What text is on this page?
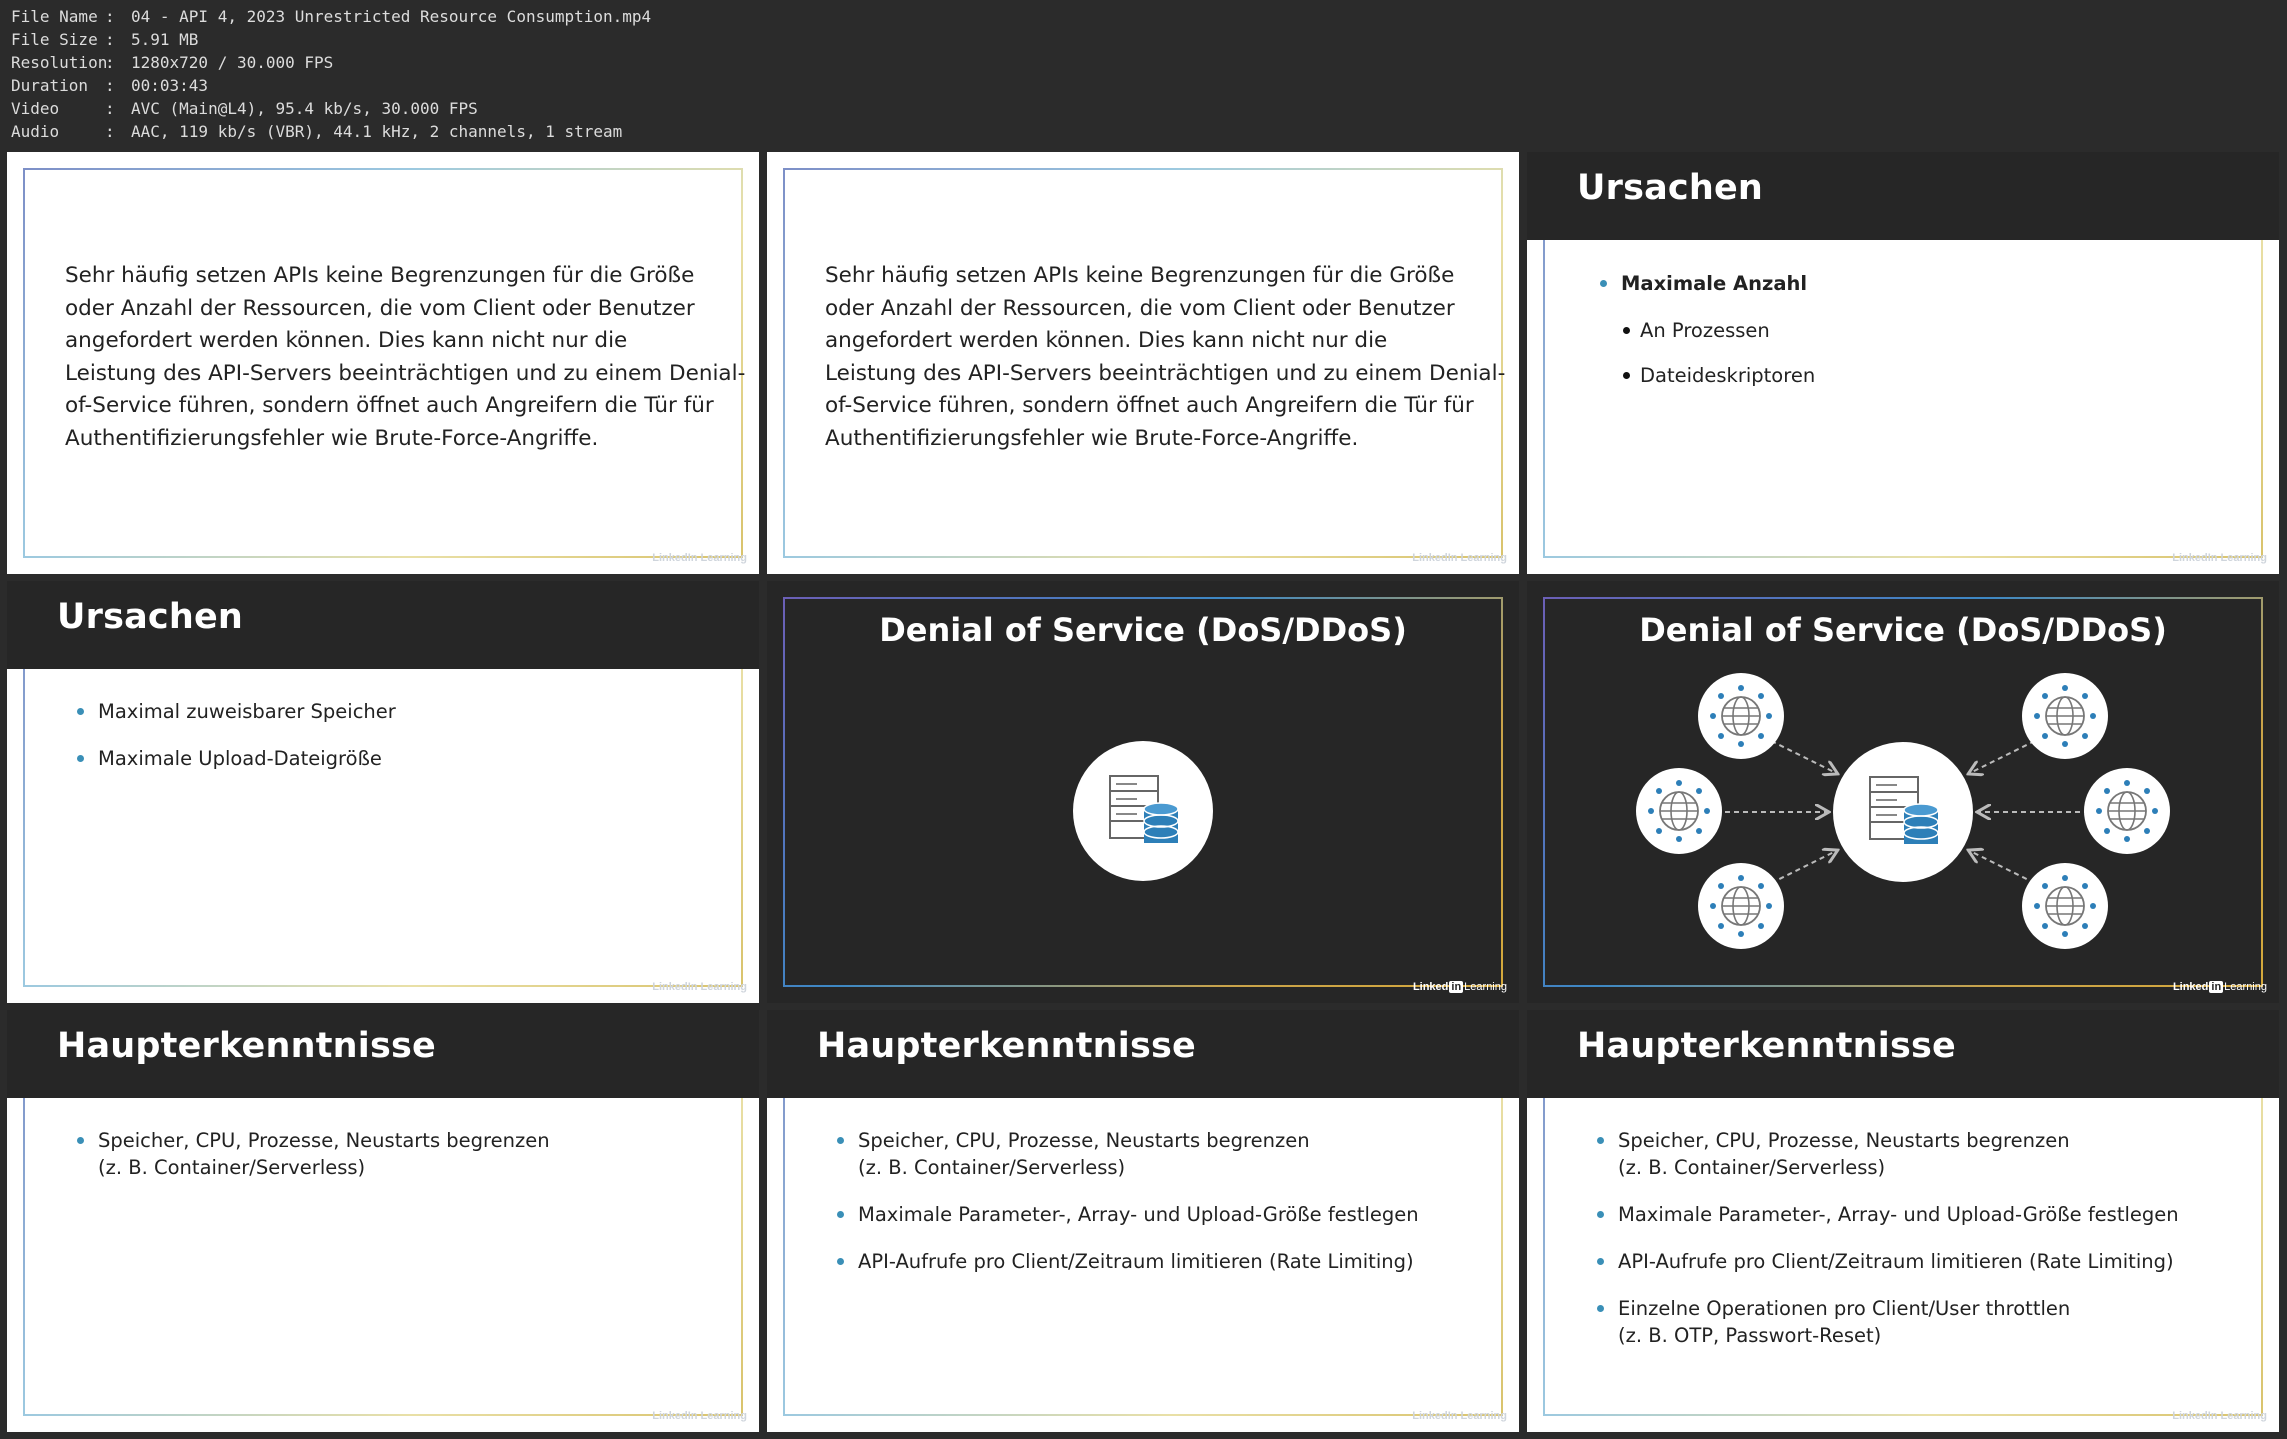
File Name : 04 - API 4, 2023 Unrestricted Resource Consumption.mp4
File Size : 5.91 MB
Resolution: 1280x720 / 30.000 FPS
Duration : 00:03:43
Video	: AVC (Main@L4), 95.4 kb/s, 30.000 FPS
Audio	: AAC, 119 kb/s (VBR), 44.1 kHz, 2 channels, 1 stream
Sehr häufig setzen APIs keine Begrenzungen für die Größe
oder Anzahl der Ressourcen, die vom Client oder Benutzer
angefordert werden können. Dies kann nicht nur die
Leistung des API-Servers beeinträchtigen und zu einem Denial-
of-Service führen, sondern öffnet auch Angreifern die Tür für
Authentifizierungsfehler wie Brute-Force-Angriffe.
LinkedIn Learning
Sehr häufig setzen APIs keine Begrenzungen für die Größe
oder Anzahl der Ressourcen, die vom Client oder Benutzer
angefordert werden können. Dies kann nicht nur die
Leistung des API-Servers beeinträchtigen und zu einem Denial-
of-Service führen, sondern öffnet auch Angreifern die Tür für
Authentifizierungsfehler wie Brute-Force-Angriffe.
LinkedIn Learning
Ursachen
Maximale Anzahl
An Prozessen
Dateideskriptoren
LinkedIn Learning
Ursachen
Maximal zuweisbarer Speicher
Maximale Upload-Dateigröße
LinkedIn Learning
Denial of Service (DoS/DDoS)
Linked in Learning
Denial of Service (DoS/DDoS)
Linked in Learning
Haupterkenntnisse
Speicher, CPU, Prozesse, Neustarts begrenzen
(z. B. Container/Serverless)
LinkedIn Learning
Haupterkenntnisse
Speicher, CPU, Prozesse, Neustarts begrenzen
(z. B. Container/Serverless)
Maximale Parameter-, Array- und Upload-Größe festlegen
API-Aufrufe pro Client/Zeitraum limitieren (Rate Limiting)
LinkedIn Learning
Haupterkenntnisse
Speicher, CPU, Prozesse, Neustarts begrenzen
(z. B. Container/Serverless)
Maximale Parameter-, Array- und Upload-Größe festlegen
API-Aufrufe pro Client/Zeitraum limitieren (Rate Limiting)
Einzelne Operationen pro Client/User throttlen
(z. B. OTP, Passwort-Reset)
LinkedIn Learning
